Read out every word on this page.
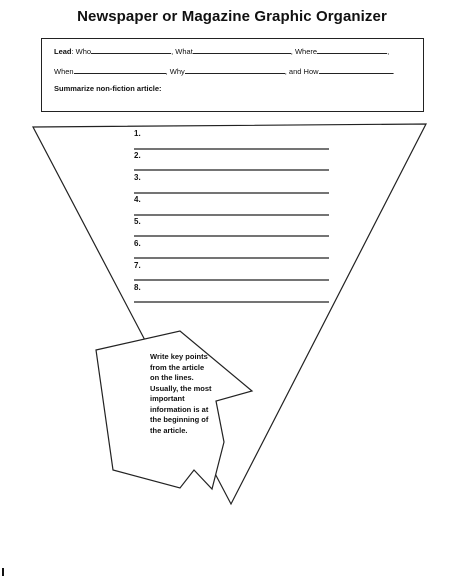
Newspaper or Magazine Graphic Organizer
Lead: Who	, What	, Where	,
When	, Why	, and How	.
Summarize non-fiction article:
1.
2.
3.
4.
5.
6.
7.
8.
Write key points from the article on the lines. Usually, the most important information is at the beginning of the article.
